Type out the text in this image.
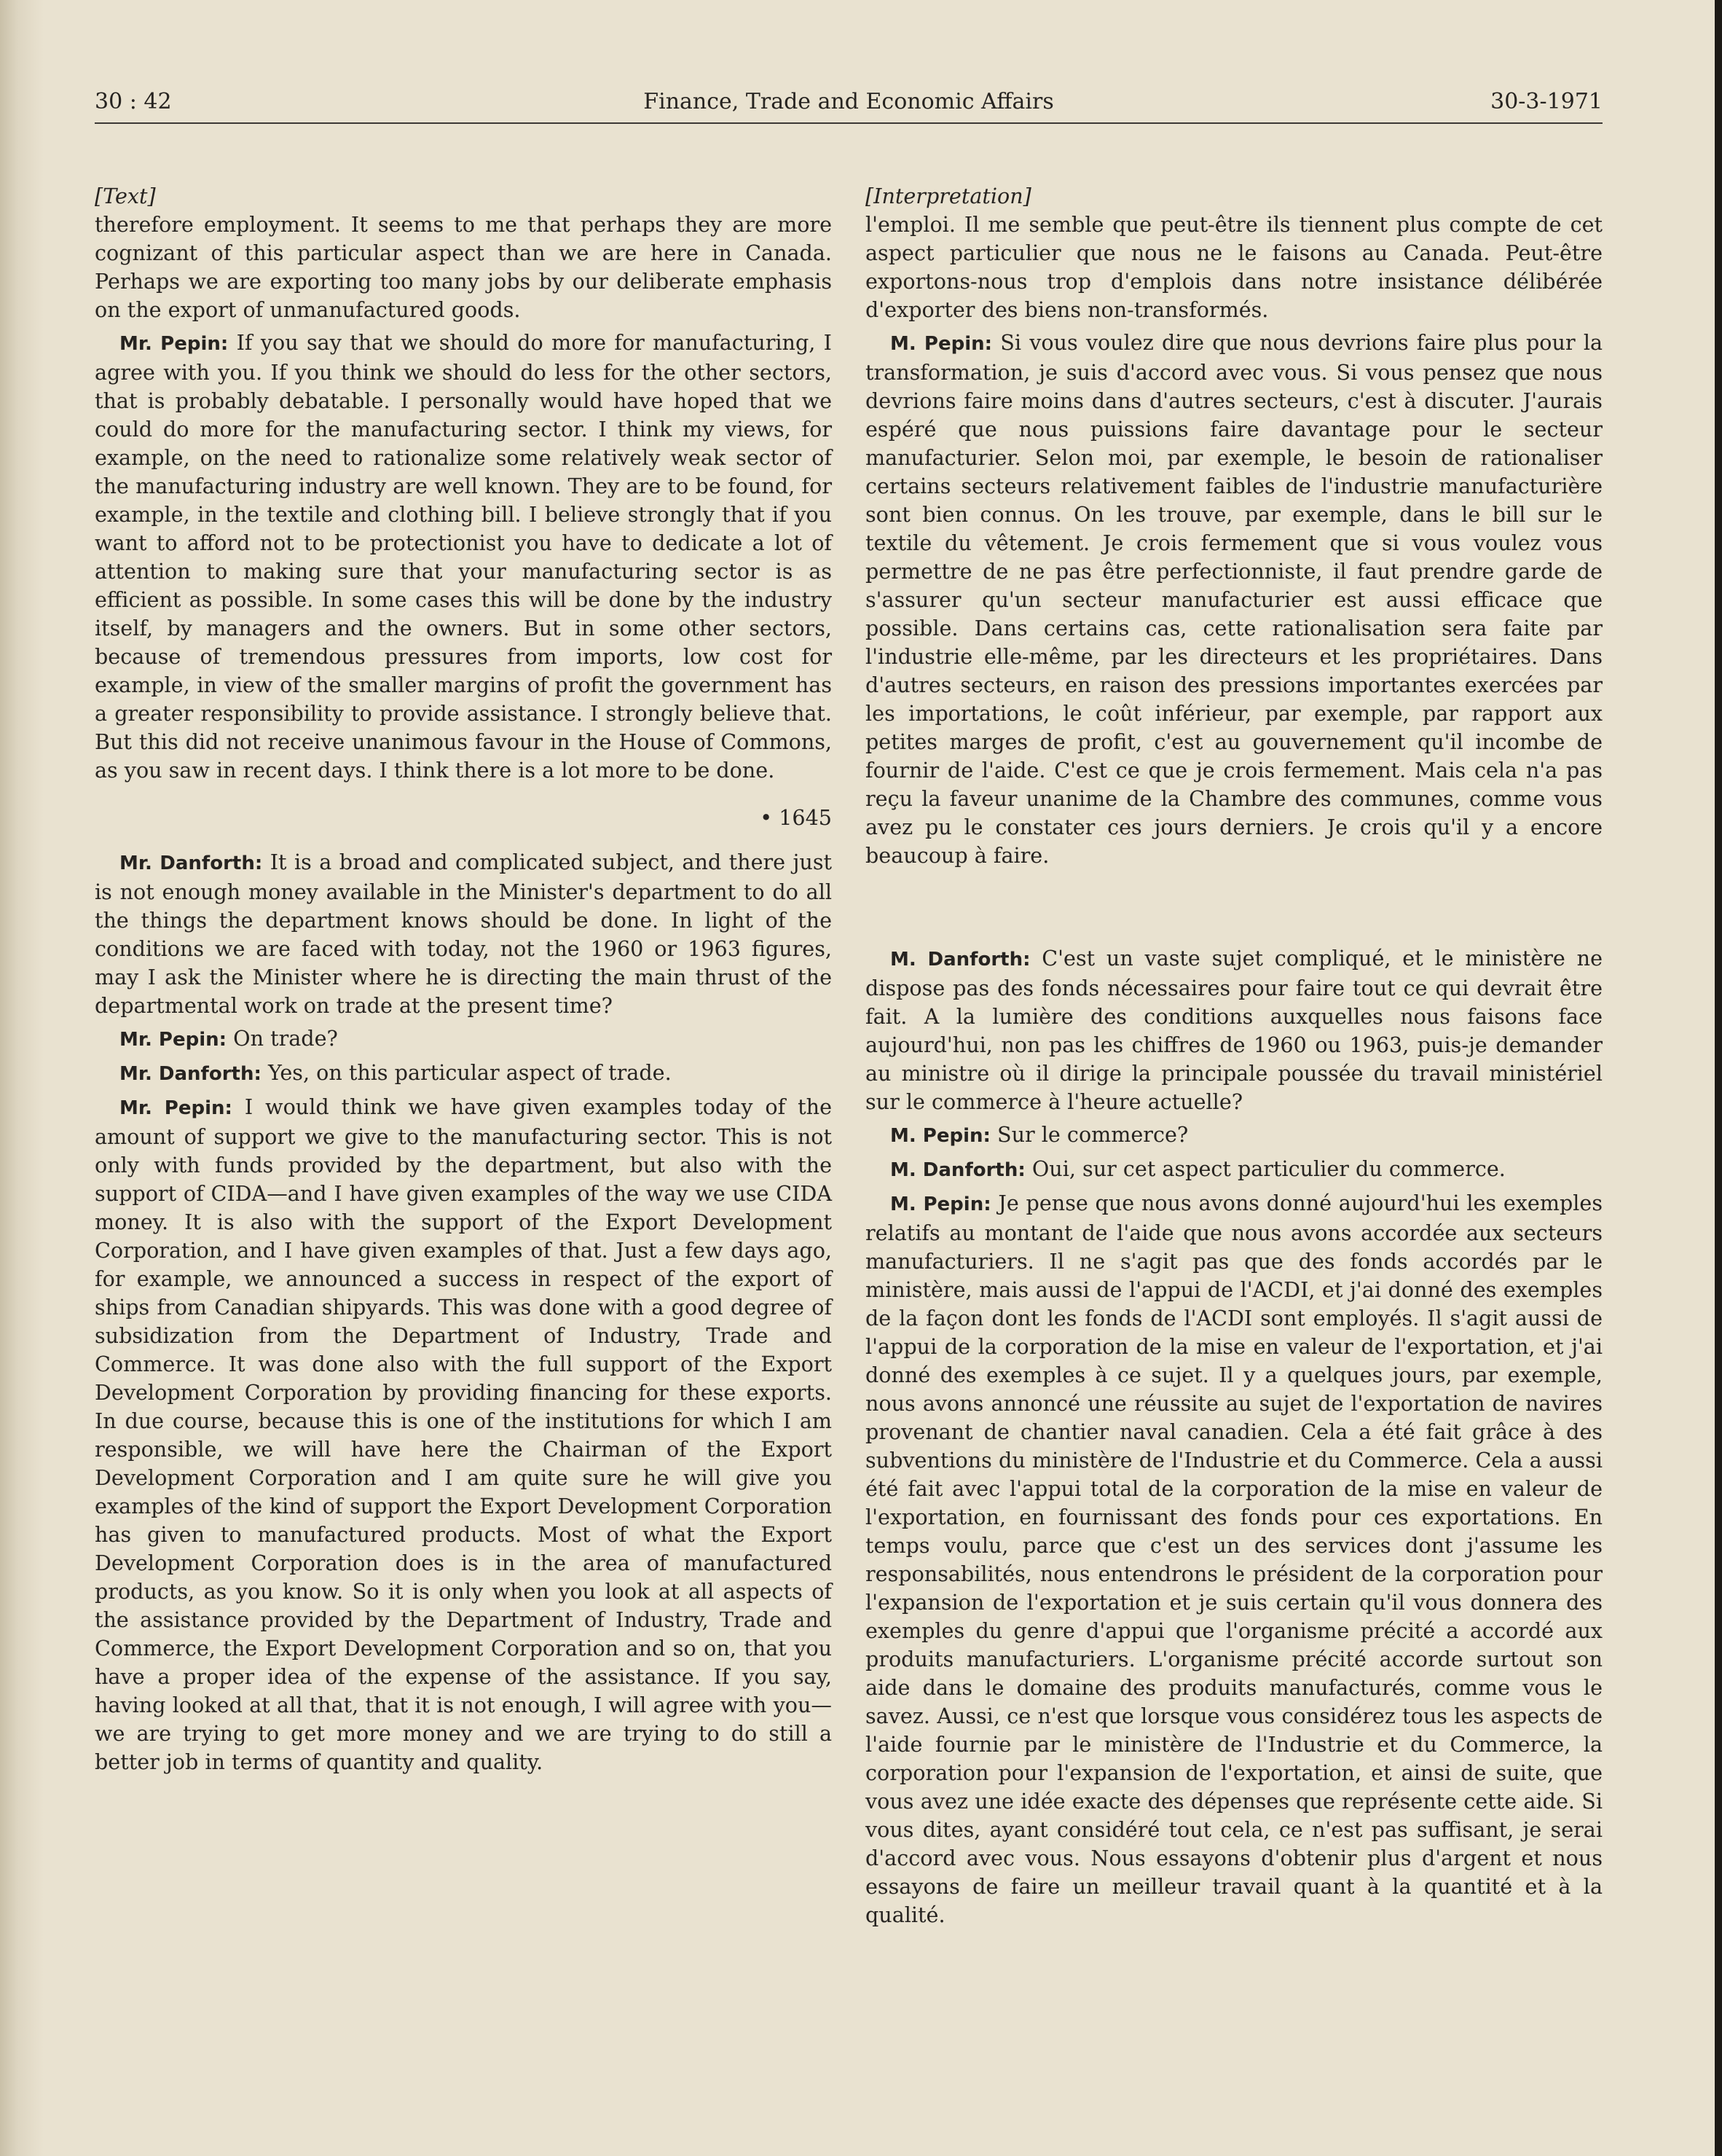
30 : 42	Finance, Trade and Economic Affairs	30-3-1971

[Text]

therefore employment. It seems to me that perhaps they are more cognizant of this particular aspect than we are here in Canada. Perhaps we are exporting too many jobs by our deliberate emphasis on the export of unmanufactured goods.

Mr. Pepin: If you say that we should do more for manufacturing, I agree with you. If you think we should do less for the other sectors, that is probably debatable. I personally would have hoped that we could do more for the manufacturing sector. I think my views, for example, on the need to rationalize some relatively weak sector of the manufacturing industry are well known. They are to be found, for example, in the textile and clothing bill. I believe strongly that if you want to afford not to be protectionist you have to dedicate a lot of attention to making sure that your manufacturing sector is as efficient as possible. In some cases this will be done by the industry itself, by managers and the owners. But in some other sectors, because of tremendous pressures from imports, low cost for example, in view of the smaller margins of profit the government has a greater responsibility to provide assistance. I strongly believe that. But this did not receive unanimous favour in the House of Commons, as you saw in recent days. I think there is a lot more to be done.

• 1645

Mr. Danforth: It is a broad and complicated subject, and there just is not enough money available in the Minister's department to do all the things the department knows should be done. In light of the conditions we are faced with today, not the 1960 or 1963 figures, may I ask the Minister where he is directing the main thrust of the departmental work on trade at the present time?

Mr. Pepin: On trade?

Mr. Danforth: Yes, on this particular aspect of trade.

Mr. Pepin: I would think we have given examples today of the amount of support we give to the manufacturing sector. This is not only with funds provided by the department, but also with the support of CIDA—and I have given examples of the way we use CIDA money. It is also with the support of the Export Development Corporation, and I have given examples of that. Just a few days ago, for example, we announced a success in respect of the export of ships from Canadian shipyards. This was done with a good degree of subsidization from the Department of Industry, Trade and Commerce. It was done also with the full support of the Export Development Corporation by providing financing for these exports. In due course, because this is one of the institutions for which I am responsible, we will have here the Chairman of the Export Development Corporation and I am quite sure he will give you examples of the kind of support the Export Development Corporation has given to manufactured products. Most of what the Export Development Corporation does is in the area of manufactured products, as you know. So it is only when you look at all aspects of the assistance provided by the Department of Industry, Trade and Commerce, the Export Development Corporation and so on, that you have a proper idea of the expense of the assistance. If you say, having looked at all that, that it is not enough, I will agree with you—we are trying to get more money and we are trying to do still a better job in terms of quantity and quality.

[Interpretation]

l'emploi. Il me semble que peut-être ils tiennent plus compte de cet aspect particulier que nous ne le faisons au Canada. Peut-être exportons-nous trop d'emplois dans notre insistance délibérée d'exporter des biens non-transformés.

M. Pepin: Si vous voulez dire que nous devrions faire plus pour la transformation, je suis d'accord avec vous. Si vous pensez que nous devrions faire moins dans d'autres secteurs, c'est à discuter. J'aurais espéré que nous puissions faire davantage pour le secteur manufacturier. Selon moi, par exemple, le besoin de rationaliser certains secteurs relativement faibles de l'industrie manufacturière sont bien connus. On les trouve, par exemple, dans le bill sur le textile du vêtement. Je crois fermement que si vous voulez vous permettre de ne pas être perfectionniste, il faut prendre garde de s'assurer qu'un secteur manufacturier est aussi efficace que possible. Dans certains cas, cette rationalisation sera faite par l'industrie elle-même, par les directeurs et les propriétaires. Dans d'autres secteurs, en raison des pressions importantes exercées par les importations, le coût inférieur, par exemple, par rapport aux petites marges de profit, c'est au gouvernement qu'il incombe de fournir de l'aide. C'est ce que je crois fermement. Mais cela n'a pas reçu la faveur unanime de la Chambre des communes, comme vous avez pu le constater ces jours derniers. Je crois qu'il y a encore beaucoup à faire.

M. Danforth: C'est un vaste sujet compliqué, et le ministère ne dispose pas des fonds nécessaires pour faire tout ce qui devrait être fait. A la lumière des conditions auxquelles nous faisons face aujourd'hui, non pas les chiffres de 1960 ou 1963, puis-je demander au ministre où il dirige la principale poussée du travail ministériel sur le commerce à l'heure actuelle?

M. Pepin: Sur le commerce?

M. Danforth: Oui, sur cet aspect particulier du commerce.

M. Pepin: Je pense que nous avons donné aujourd'hui les exemples relatifs au montant de l'aide que nous avons accordée aux secteurs manufacturiers. Il ne s'agit pas que des fonds accordés par le ministère, mais aussi de l'appui de l'ACDI, et j'ai donné des exemples de la façon dont les fonds de l'ACDI sont employés. Il s'agit aussi de l'appui de la corporation de la mise en valeur de l'exportation, et j'ai donné des exemples à ce sujet. Il y a quelques jours, par exemple, nous avons annoncé une réussite au sujet de l'exportation de navires provenant de chantier naval canadien. Cela a été fait grâce à des subventions du ministère de l'Industrie et du Commerce. Cela a aussi été fait avec l'appui total de la corporation de la mise en valeur de l'exportation, en fournissant des fonds pour ces exportations. En temps voulu, parce que c'est un des services dont j'assume les responsabilités, nous entendrons le président de la corporation pour l'expansion de l'exportation et je suis certain qu'il vous donnera des exemples du genre d'appui que l'organisme précité a accordé aux produits manufacturiers. L'organisme précité accorde surtout son aide dans le domaine des produits manufacturés, comme vous le savez. Aussi, ce n'est que lorsque vous considérez tous les aspects de l'aide fournie par le ministère de l'Industrie et du Commerce, la corporation pour l'expansion de l'exportation, et ainsi de suite, que vous avez une idée exacte des dépenses que représente cette aide. Si vous dites, ayant considéré tout cela, ce n'est pas suffisant, je serai d'accord avec vous. Nous essayons d'obtenir plus d'argent et nous essayons de faire un meilleur travail quant à la quantité et à la qualité.
